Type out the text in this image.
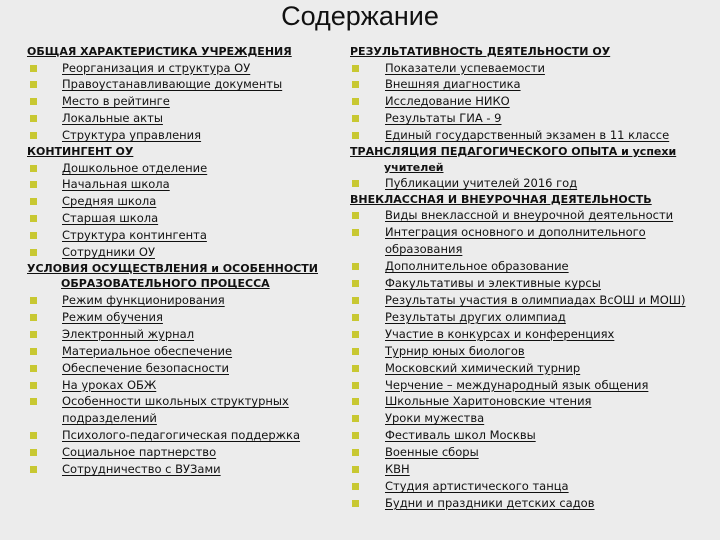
Содержание
ОБЩАЯ ХАРАКТЕРИСТИКА УЧРЕЖДЕНИЯ
Реорганизация и структура ОУ
Правоустанавливающие документы
Место в рейтинге
Локальные акты
Структура управления
КОНТИНГЕНТ ОУ
Дошкольное отделение
Начальная школа
Средняя школа
Старшая школа
Структура контингента
Сотрудники ОУ
УСЛОВИЯ ОСУЩЕСТВЛЕНИЯ и ОСОБЕННОСТИ
ОБРАЗОВАТЕЛЬНОГО ПРОЦЕССА
Режим функционирования
Режим обучения
Электронный журнал
Материальное обеспечение
Обеспечение безопасности
На уроках ОБЖ
Особенности школьных структурных подразделений
Психолого-педагогическая поддержка
Социальное партнерство
Сотрудничество с ВУЗами
РЕЗУЛЬТАТИВНОСТЬ ДЕЯТЕЛЬНОСТИ ОУ
Показатели успеваемости
Внешняя диагностика
Исследование НИКО
Результаты ГИА - 9
Единый государственный экзамен в 11 классе
ТРАНСЛЯЦИЯ ПЕДАГОГИЧЕСКОГО ОПЫТА и успехи
учителей
Публикации учителей 2016 год
ВНЕКЛАССНАЯ И ВНЕУРОЧНАЯ ДЕЯТЕЛЬНОСТЬ
Виды внеклассной и внеурочной деятельности
Интеграция основного и дополнительного образования
Дополнительное образование
Факультативы и элективные курсы
Результаты участия в олимпиадах ВсОШ и МОШ)
Результаты других олимпиад
Участие в конкурсах и конференциях
Турнир юных биологов
Московский химический турнир
Черчение – международный язык общения
Школьные Харитоновские чтения
Уроки мужества
Фестиваль школ Москвы
Военные сборы
КВН
Студия артистического танца
Будни и праздники детских садов
